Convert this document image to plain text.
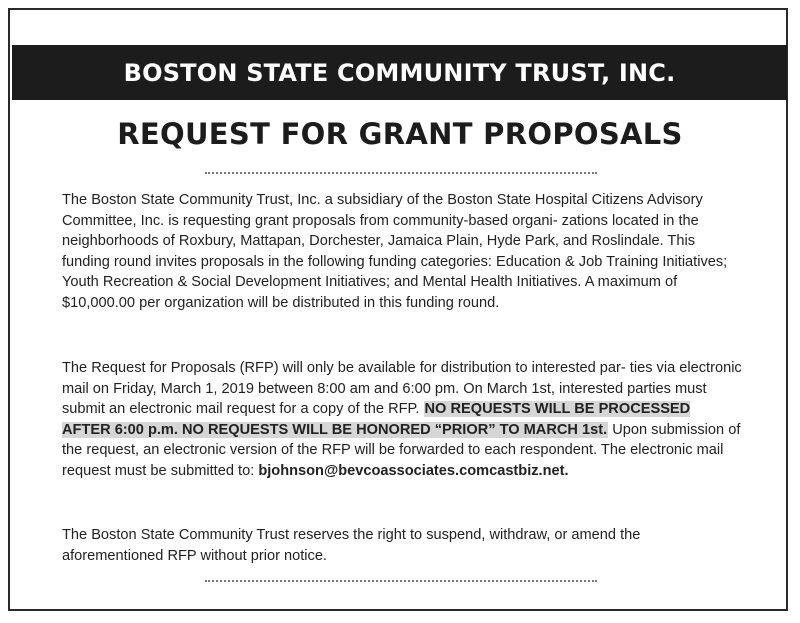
BOSTON STATE COMMUNITY TRUST, INC.
REQUEST FOR GRANT PROPOSALS

The Boston State Community Trust, Inc. a subsidiary of the Boston State Hospital Citizens Advisory Committee, Inc. is requesting grant proposals from community-based organi- zations located in the neighborhoods of Roxbury, Mattapan, Dorchester, Jamaica Plain, Hyde Park, and Roslindale. This funding round invites proposals in the following funding categories: Education & Job Training Initiatives; Youth Recreation & Social Development Initiatives; and Mental Health Initiatives. A maximum of $10,000.00 per organization will be distributed in this funding round.

The Request for Proposals (RFP) will only be available for distribution to interested par- ties via electronic mail on Friday, March 1, 2019 between 8:00 am and 6:00 pm. On March 1st, interested parties must submit an electronic mail request for a copy of the RFP. NO REQUESTS WILL BE PROCESSED AFTER 6:00 p.m. NO REQUESTS WILL BE HONORED “PRIOR” TO MARCH 1st. Upon submission of the request, an electronic version of the RFP will be forwarded to each respondent. The electronic mail request must be submitted to: bjohnson@bevcoassociates.comcastbiz.net.

The Boston State Community Trust reserves the right to suspend, withdraw, or amend the aforementioned RFP without prior notice.
